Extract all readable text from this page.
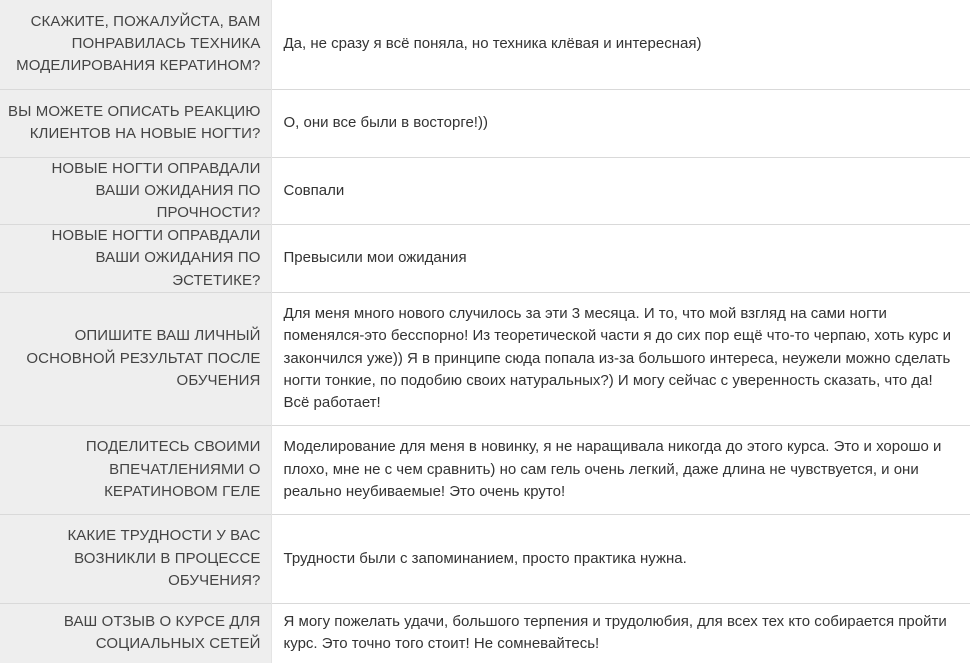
СКАЖИТЕ, ПОЖАЛУЙСТА, ВАМ ПОНРАВИЛАСЬ ТЕХНИКА МОДЕЛИРОВАНИЯ КЕРАТИНОМ?	Да, не сразу я всё поняла, но техника клёвая и интересная)
ВЫ МОЖЕТЕ ОПИСАТЬ РЕАКЦИЮ КЛИЕНТОВ НА НОВЫЕ НОГТИ?	О, они все были в восторге!))
НОВЫЕ НОГТИ ОПРАВДАЛИ ВАШИ ОЖИДАНИЯ ПО ПРОЧНОСТИ?	Совпали
НОВЫЕ НОГТИ ОПРАВДАЛИ ВАШИ ОЖИДАНИЯ ПО ЭСТЕТИКЕ?	Превысили мои ожидания
ОПИШИТЕ ВАШ ЛИЧНЫЙ ОСНОВНОЙ РЕЗУЛЬТАТ ПОСЛЕ ОБУЧЕНИЯ	Для меня много нового случилось за эти 3 месяца. И то, что мой взгляд на сами ногти поменялся-это бесспорно! Из теоретической части я до сих пор ещё что-то черпаю, хоть курс и закончился уже)) Я в принципе сюда попала из-за большого интереса, неужели можно сделать ногти тонкие, по подобию своих натуральных?) И могу сейчас с уверенность сказать, что да! Всё работает!
ПОДЕЛИТЕСЬ СВОИМИ ВПЕЧАТЛЕНИЯМИ О КЕРАТИНОВОМ ГЕЛЕ	Моделирование для меня в новинку, я не наращивала никогда до этого курса. Это и хорошо и плохо, мне не с чем сравнить) но сам гель очень легкий, даже длина не чувствуется, и они реально неубиваемые! Это очень круто!
КАКИЕ ТРУДНОСТИ У ВАС ВОЗНИКЛИ В ПРОЦЕССЕ ОБУЧЕНИЯ?	Трудности были с запоминанием, просто практика нужна.
ВАШ ОТЗЫВ О КУРСЕ ДЛЯ СОЦИАЛЬНЫХ СЕТЕЙ	Я могу пожелать удачи, большого терпения и трудолюбия, для всех тех кто собирается пройти курс. Это точно того стоит! Не сомневайтесь!
